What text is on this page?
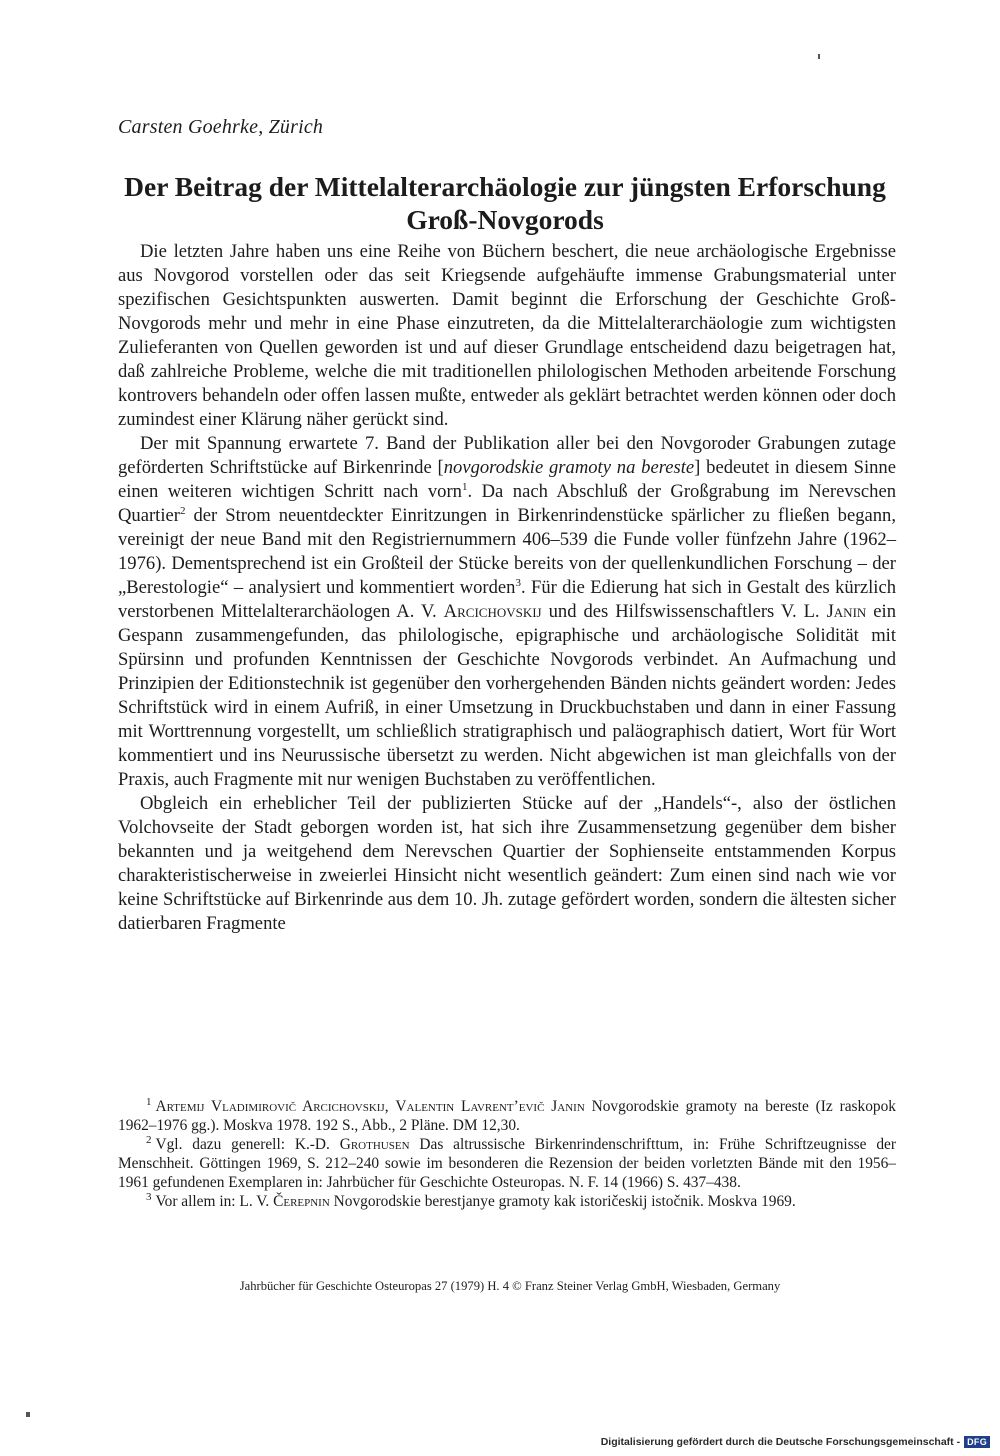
Carsten Goehrke, Zürich
Der Beitrag der Mittelalterarchäologie zur jüngsten Erforschung
Groß-Novgorods

Die letzten Jahre haben uns eine Reihe von Büchern beschert, die neue archäologische Ergebnisse aus Novgorod vorstellen oder das seit Kriegsende aufgehäufte immense Grabungsmaterial unter spezifischen Gesichtspunkten auswerten. Damit beginnt die Erforschung der Geschichte Groß-Novgorods mehr und mehr in eine Phase einzutreten, da die Mittelalterarchäologie zum wichtigsten Zulieferanten von Quellen geworden ist und auf dieser Grundlage entscheidend dazu beigetragen hat, daß zahlreiche Probleme, welche die mit traditionellen philologischen Methoden arbeitende Forschung kontrovers behandeln oder offen lassen mußte, entweder als geklärt betrachtet werden können oder doch zumindest einer Klärung näher gerückt sind.

Der mit Spannung erwartete 7. Band der Publikation aller bei den Novgoroder Grabungen zutage geförderten Schriftstücke auf Birkenrinde [novgorodskie gramoty na bereste] bedeutet in diesem Sinne einen weiteren wichtigen Schritt nach vorn$^1$. Da nach Abschluß der Großgrabung im Nerevschen Quartier$^2$ der Strom neuentdeckter Einritzungen in Birkenrindenstücke spärlicher zu fließen begann, vereinigt der neue Band mit den Registriernummern 406–539 die Funde voller fünfzehn Jahre (1962–1976). Dementsprechend ist ein Großteil der Stücke bereits von der quellenkundlichen Forschung – der „Berestologie“ – analysiert und kommentiert worden$^3$. Für die Edierung hat sich in Gestalt des kürzlich verstorbenen Mittelalterarchäologen A. V. Arcichovskij und des Hilfswissenschaftlers V. L. Janin ein Gespann zusammengefunden, das philologische, epigraphische und archäologische Solidität mit Spürsinn und profunden Kenntnissen der Geschichte Novgorods verbindet. An Aufmachung und Prinzipien der Editionstechnik ist gegenüber den vorhergehenden Bänden nichts geändert worden: Jedes Schriftstück wird in einem Aufriß, in einer Umsetzung in Druckbuchstaben und dann in einer Fassung mit Worttrennung vorgestellt, um schließlich stratigraphisch und paläographisch datiert, Wort für Wort kommentiert und ins Neurussische übersetzt zu werden. Nicht abgewichen ist man gleichfalls von der Praxis, auch Fragmente mit nur wenigen Buchstaben zu veröffentlichen.

Obgleich ein erheblicher Teil der publizierten Stücke auf der „Handels“-, also der östlichen Volchovseite der Stadt geborgen worden ist, hat sich ihre Zusammensetzung gegenüber dem bisher bekannten und ja weitgehend dem Nerevschen Quartier der Sophienseite entstammenden Korpus charakteristischerweise in zweierlei Hinsicht nicht wesentlich geändert: Zum einen sind nach wie vor keine Schriftstücke auf Birkenrinde aus dem 10. Jh. zutage gefördert worden, sondern die ältesten sicher datierbaren Fragmente

$^1$ Artemij Vladimirovič Arcichovskij, Valentin Lavrent’evič Janin Novgorodskie gramoty na bereste (Iz raskopok 1962–1976 gg.). Moskva 1978. 192 S., Abb., 2 Pläne. DM 12,30.

$^2$ Vgl. dazu generell: K.-D. Grothusen Das altrussische Birkenrindenschrifttum, in: Frühe Schriftzeugnisse der Menschheit. Göttingen 1969, S. 212–240 sowie im besonderen die Rezension der beiden vorletzten Bände mit den 1956–1961 gefundenen Exemplaren in: Jahrbücher für Geschichte Osteuropas. N. F. 14 (1966) S. 437–438.

$^3$ Vor allem in: L. V. Čerepnin Novgorodskie berestjanye gramoty kak istoričeskij istočnik. Moskva 1969.

Jahrbücher für Geschichte Osteuropas 27 (1979) H. 4 © Franz Steiner Verlag GmbH, Wiesbaden, Germany
Digitalisierung gefördert durch die Deutsche Forschungsgemeinschaft - DFG
